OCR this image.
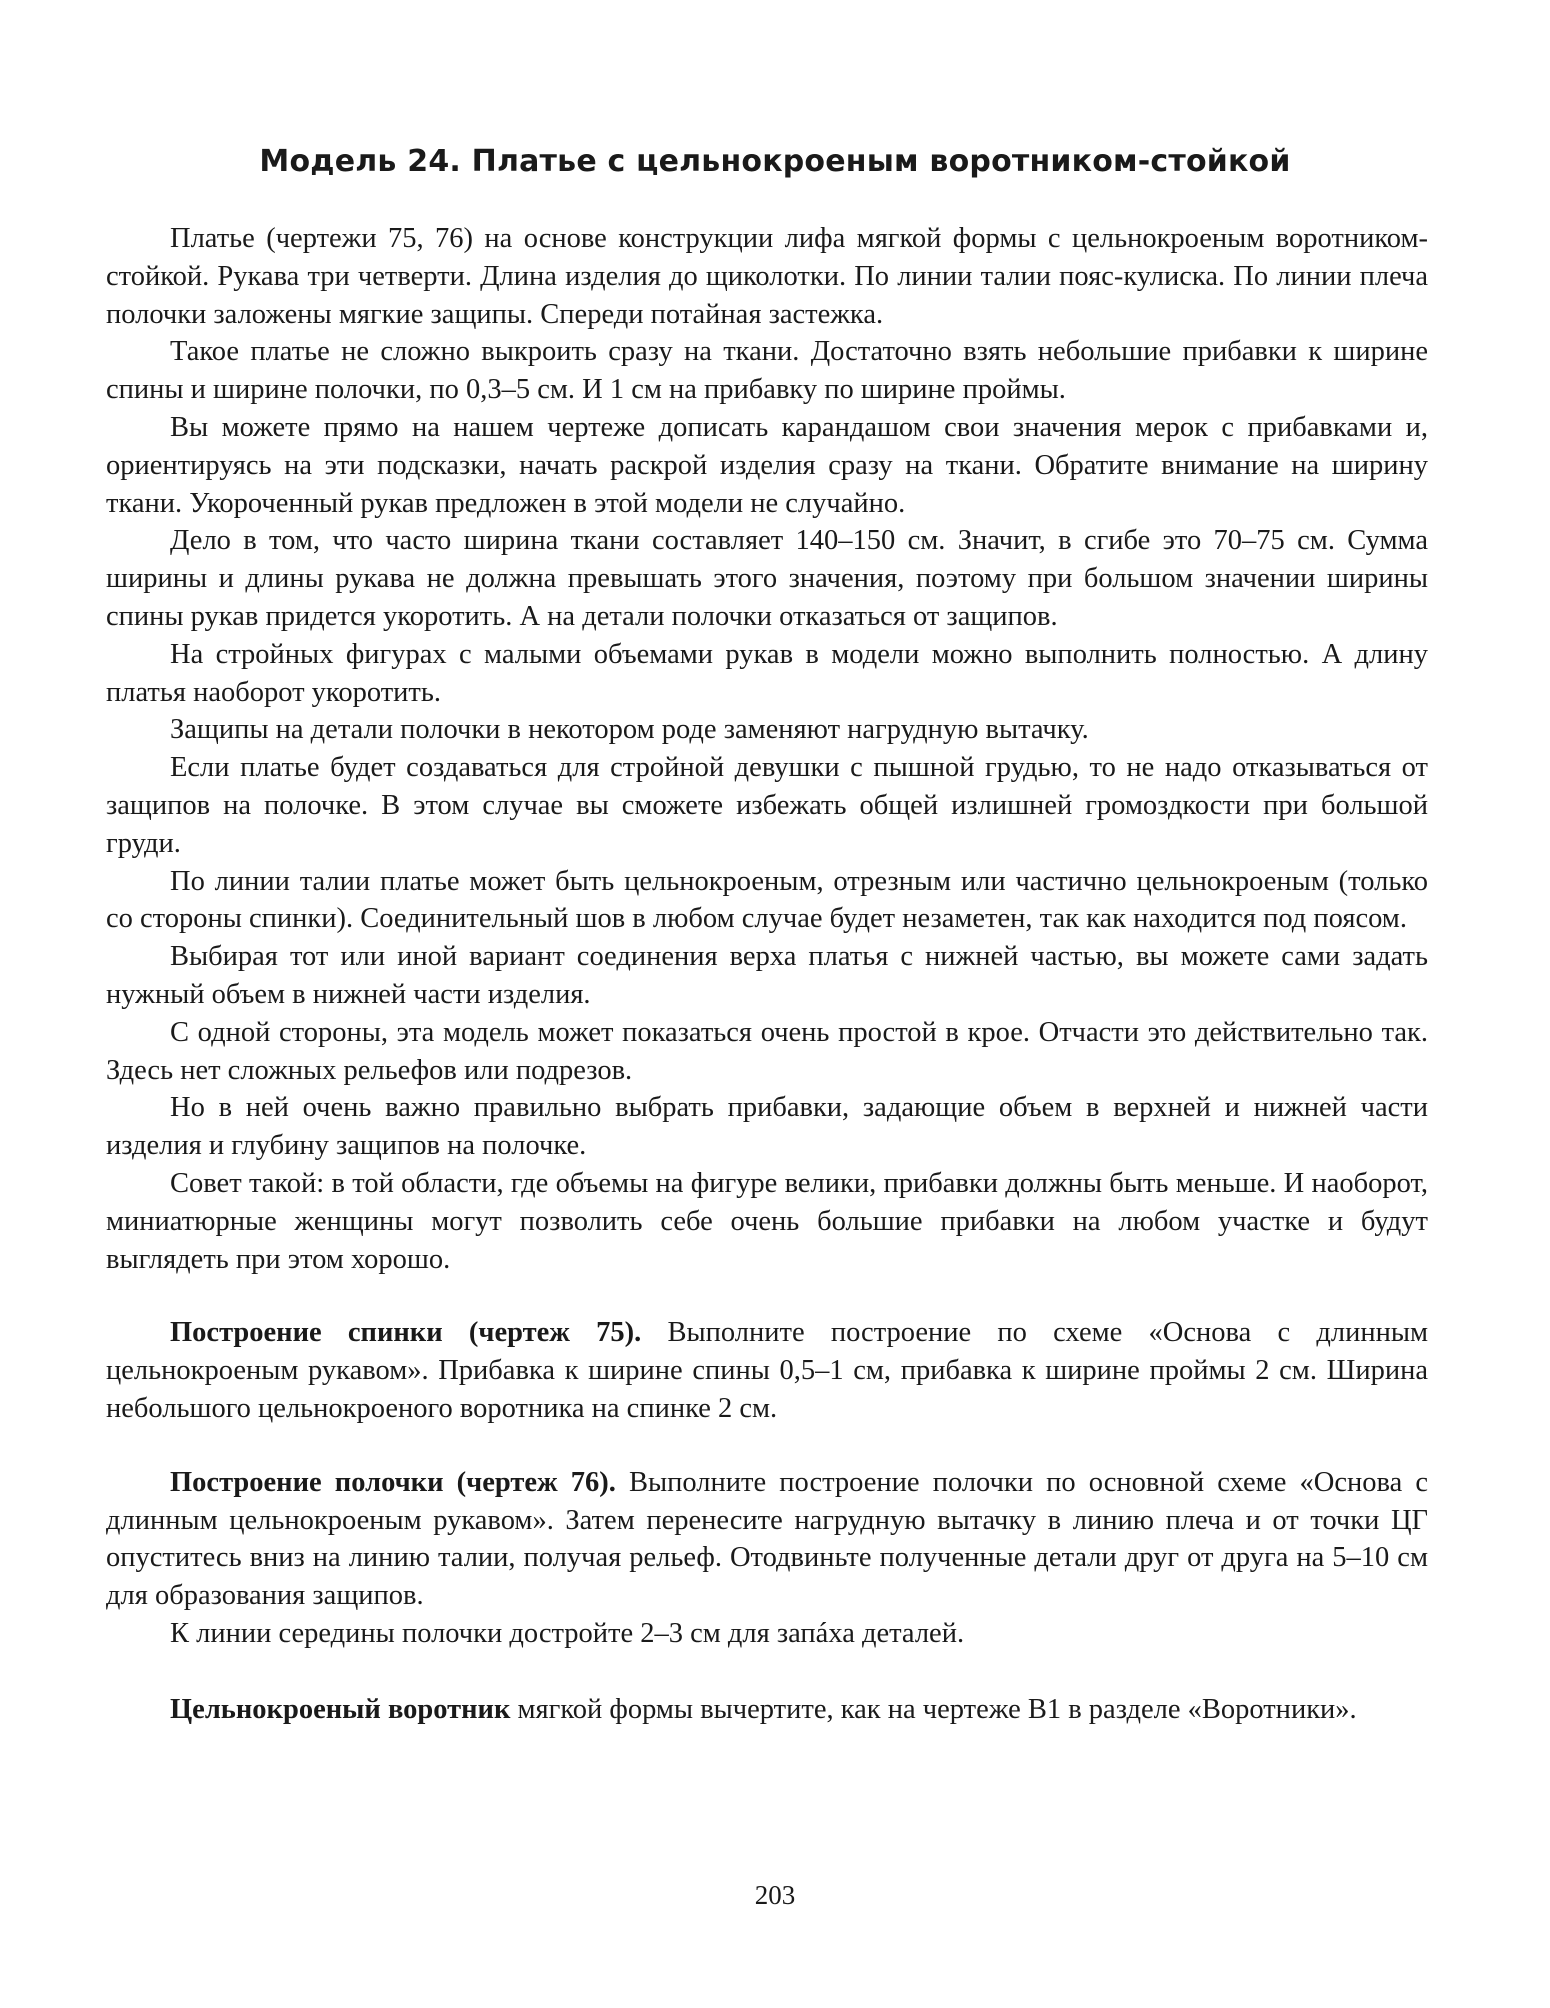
Модель 24. Платье с цельнокроеным воротником-стойкой

Платье (чертежи 75, 76) на основе конструкции лифа мягкой формы с цельнокроеным воротником-стойкой. Рукава три четверти. Длина изделия до щиколотки. По линии талии пояс-кулиска. По линии плеча полочки заложены мягкие защипы. Спереди потайная застежка.

Такое платье не сложно выкроить сразу на ткани. Достаточно взять небольшие прибавки к ширине спины и ширине полочки, по 0,3–5 см. И 1 см на прибавку по ширине проймы.

Вы можете прямо на нашем чертеже дописать карандашом свои значения мерок с прибавками и, ориентируясь на эти подсказки, начать раскрой изделия сразу на ткани. Обратите внимание на ширину ткани. Укороченный рукав предложен в этой модели не случайно.

Дело в том, что часто ширина ткани составляет 140–150 см. Значит, в сгибе это 70–75 см. Сумма ширины и длины рукава не должна превышать этого значения, поэтому при большом значении ширины спины рукав придется укоротить. А на детали полочки отказаться от защипов.

На стройных фигурах с малыми объемами рукав в модели можно выполнить полностью. А длину платья наоборот укоротить.

Защипы на детали полочки в некотором роде заменяют нагрудную вытачку.

Если платье будет создаваться для стройной девушки с пышной грудью, то не надо отказываться от защипов на полочке. В этом случае вы сможете избежать общей излишней громоздкости при большой груди.

По линии талии платье может быть цельнокроеным, отрезным или частично цельнокроеным (только со стороны спинки). Соединительный шов в любом случае будет незаметен, так как находится под поясом.

Выбирая тот или иной вариант соединения верха платья с нижней частью, вы можете сами задать нужный объем в нижней части изделия.

С одной стороны, эта модель может показаться очень простой в крое. Отчасти это действительно так. Здесь нет сложных рельефов или подрезов.

Но в ней очень важно правильно выбрать прибавки, задающие объем в верхней и нижней части изделия и глубину защипов на полочке.

Совет такой: в той области, где объемы на фигуре велики, прибавки должны быть меньше. И наоборот, миниатюрные женщины могут позволить себе очень большие прибавки на любом участке и будут выглядеть при этом хорошо.

Построение спинки (чертеж 75). Выполните построение по схеме «Основа с длинным цельнокроеным рукавом». Прибавка к ширине спины 0,5–1 см, прибавка к ширине проймы 2 см. Ширина небольшого цельнокроеного воротника на спинке 2 см.

Построение полочки (чертеж 76). Выполните построение полочки по основной схеме «Основа с длинным цельнокроеным рукавом». Затем перенесите нагрудную вытачку в линию плеча и от точки ЦГ опуститесь вниз на линию талии, получая рельеф. Отодвиньте полученные детали друг от друга на 5–10 см для образования защипов.

К линии середины полочки достройте 2–3 см для запáха деталей.

Цельнокроеный воротник мягкой формы вычертите, как на чертеже В1 в разделе «Воротники».

203
